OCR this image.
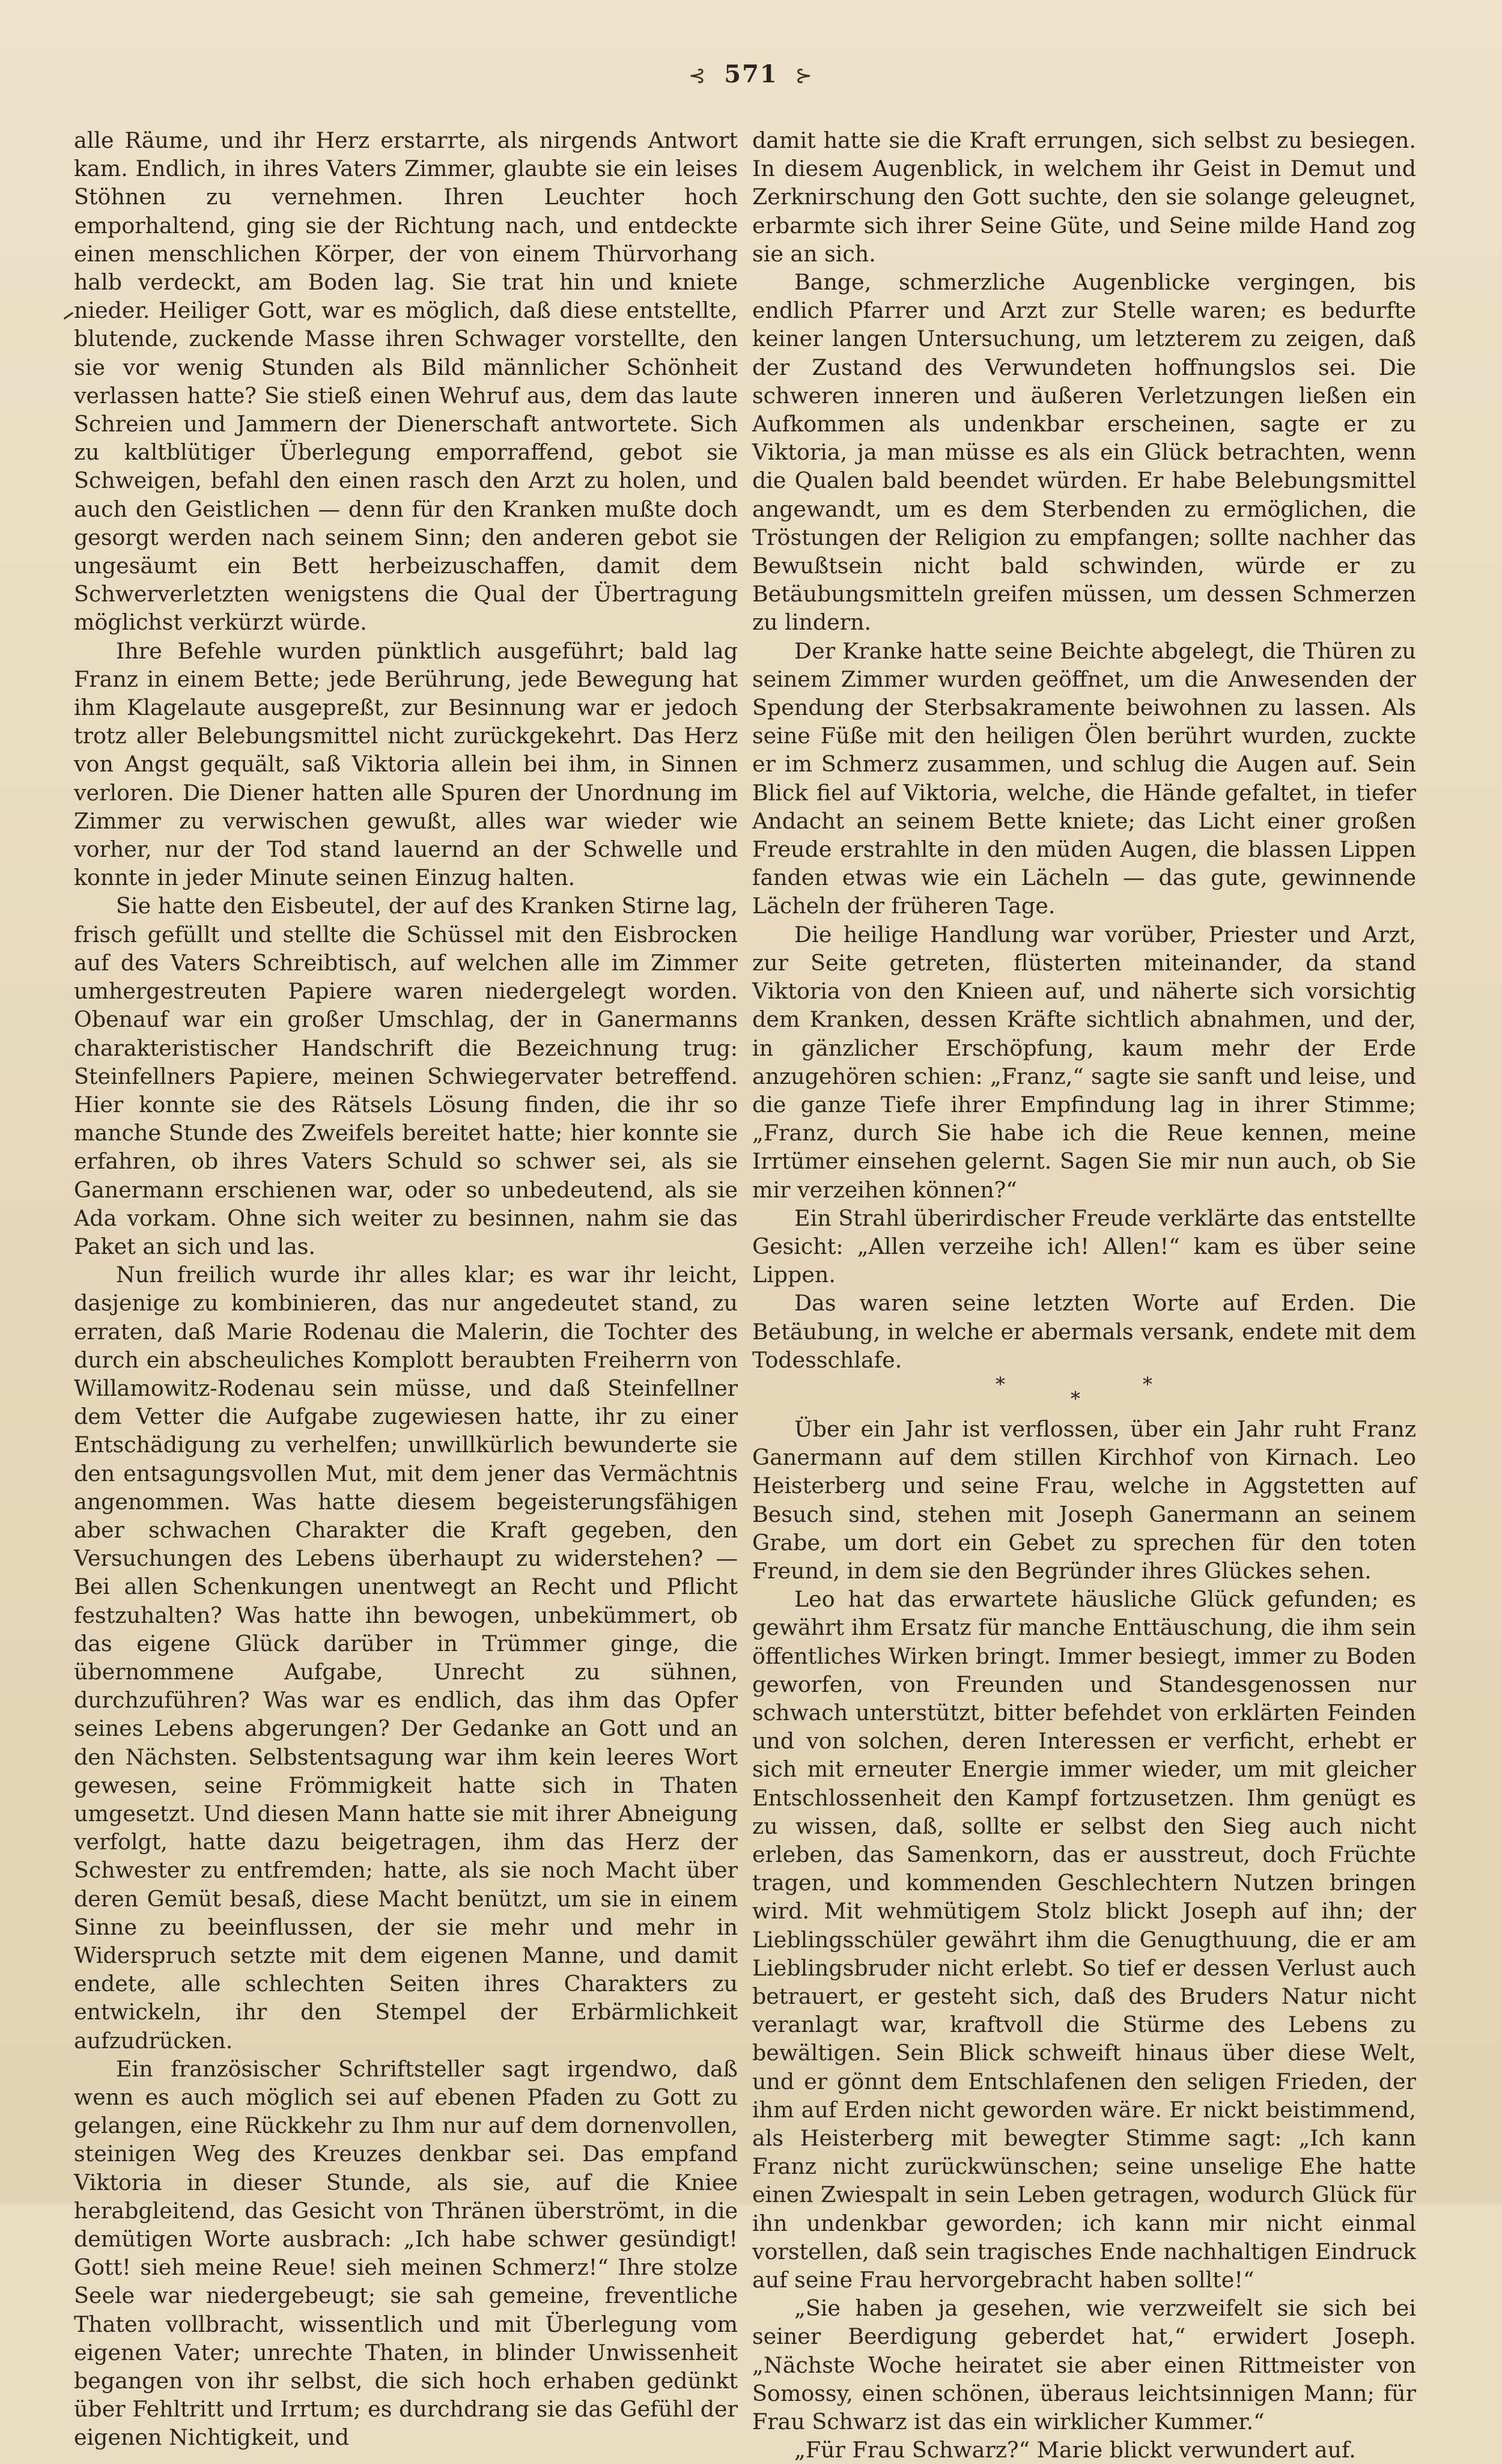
⊰ 571 ⊱

alle Räume, und ihr Herz erstarrte, als nirgends Antwort kam. Endlich, in ihres Vaters Zimmer, glaubte sie ein leises Stöhnen zu vernehmen. Ihren Leuchter hoch emporhaltend, ging sie der Richtung nach, und entdeckte einen menschlichen Körper, der von einem Thürvorhang halb verdeckt, am Boden lag. Sie trat hin und kniete nieder. Heiliger Gott, war es möglich, daß diese entstellte, blutende, zuckende Masse ihren Schwager vorstellte, den sie vor wenig Stunden als Bild männlicher Schönheit verlassen hatte? Sie stieß einen Wehruf aus, dem das laute Schreien und Jammern der Dienerschaft antwortete. Sich zu kaltblütiger Überlegung emporraffend, gebot sie Schweigen, befahl den einen rasch den Arzt zu holen, und auch den Geistlichen — denn für den Kranken mußte doch gesorgt werden nach seinem Sinn; den anderen gebot sie ungesäumt ein Bett herbeizuschaffen, damit dem Schwerverletzten wenigstens die Qual der Übertragung möglichst verkürzt würde.

Ihre Befehle wurden pünktlich ausgeführt; bald lag Franz in einem Bette; jede Berührung, jede Bewegung hat ihm Klagelaute ausgepreßt, zur Besinnung war er jedoch trotz aller Belebungsmittel nicht zurückgekehrt. Das Herz von Angst gequält, saß Viktoria allein bei ihm, in Sinnen verloren. Die Diener hatten alle Spuren der Unordnung im Zimmer zu verwischen gewußt, alles war wieder wie vorher, nur der Tod stand lauernd an der Schwelle und konnte in jeder Minute seinen Einzug halten.

Sie hatte den Eisbeutel, der auf des Kranken Stirne lag, frisch gefüllt und stellte die Schüssel mit den Eisbrocken auf des Vaters Schreibtisch, auf welchen alle im Zimmer umhergestreuten Papiere waren niedergelegt worden. Obenauf war ein großer Umschlag, der in Ganermanns charakteristischer Handschrift die Bezeichnung trug: Steinfellners Papiere, meinen Schwiegervater betreffend. Hier konnte sie des Rätsels Lösung finden, die ihr so manche Stunde des Zweifels bereitet hatte; hier konnte sie erfahren, ob ihres Vaters Schuld so schwer sei, als sie Ganermann erschienen war, oder so unbedeutend, als sie Ada vorkam. Ohne sich weiter zu besinnen, nahm sie das Paket an sich und las.

Nun freilich wurde ihr alles klar; es war ihr leicht, dasjenige zu kombinieren, das nur angedeutet stand, zu erraten, daß Marie Rodenau die Malerin, die Tochter des durch ein abscheuliches Komplott beraubten Freiherrn von Willamowitz-Rodenau sein müsse, und daß Steinfellner dem Vetter die Aufgabe zugewiesen hatte, ihr zu einer Entschädigung zu verhelfen; unwillkürlich bewunderte sie den entsagungsvollen Mut, mit dem jener das Vermächtnis angenommen. Was hatte diesem begeisterungsfähigen aber schwachen Charakter die Kraft gegeben, den Versuchungen des Lebens überhaupt zu widerstehen? — Bei allen Schenkungen unentwegt an Recht und Pflicht festzuhalten? Was hatte ihn bewogen, unbekümmert, ob das eigene Glück darüber in Trümmer ginge, die übernommene Aufgabe, Unrecht zu sühnen, durchzuführen? Was war es endlich, das ihm das Opfer seines Lebens abgerungen? Der Gedanke an Gott und an den Nächsten. Selbstentsagung war ihm kein leeres Wort gewesen, seine Frömmigkeit hatte sich in Thaten umgesetzt. Und diesen Mann hatte sie mit ihrer Abneigung verfolgt, hatte dazu beigetragen, ihm das Herz der Schwester zu entfremden; hatte, als sie noch Macht über deren Gemüt besaß, diese Macht benützt, um sie in einem Sinne zu beeinflussen, der sie mehr und mehr in Widerspruch setzte mit dem eigenen Manne, und damit endete, alle schlechten Seiten ihres Charakters zu entwickeln, ihr den Stempel der Erbärmlichkeit aufzudrücken.

Ein französischer Schriftsteller sagt irgendwo, daß wenn es auch möglich sei auf ebenen Pfaden zu Gott zu gelangen, eine Rückkehr zu Ihm nur auf dem dornenvollen, steinigen Weg des Kreuzes denkbar sei. Das empfand Viktoria in dieser Stunde, als sie, auf die Kniee herabgleitend, das Gesicht von Thränen überströmt, in die demütigen Worte ausbrach: „Ich habe schwer gesündigt! Gott! sieh meine Reue! sieh meinen Schmerz!“ Ihre stolze Seele war niedergebeugt; sie sah gemeine, freventliche Thaten vollbracht, wissentlich und mit Überlegung vom eigenen Vater; unrechte Thaten, in blinder Unwissenheit begangen von ihr selbst, die sich hoch erhaben gedünkt über Fehltritt und Irrtum; es durchdrang sie das Gefühl der eigenen Nichtigkeit, und

damit hatte sie die Kraft errungen, sich selbst zu besiegen. In diesem Augenblick, in welchem ihr Geist in Demut und Zerknirschung den Gott suchte, den sie solange geleugnet, erbarmte sich ihrer Seine Güte, und Seine milde Hand zog sie an sich.

Bange, schmerzliche Augenblicke vergingen, bis endlich Pfarrer und Arzt zur Stelle waren; es bedurfte keiner langen Untersuchung, um letzterem zu zeigen, daß der Zustand des Verwundeten hoffnungslos sei. Die schweren inneren und äußeren Verletzungen ließen ein Aufkommen als undenkbar erscheinen, sagte er zu Viktoria, ja man müsse es als ein Glück betrachten, wenn die Qualen bald beendet würden. Er habe Belebungsmittel angewandt, um es dem Sterbenden zu ermöglichen, die Tröstungen der Religion zu empfangen; sollte nachher das Bewußtsein nicht bald schwinden, würde er zu Betäubungsmitteln greifen müssen, um dessen Schmerzen zu lindern.

Der Kranke hatte seine Beichte abgelegt, die Thüren zu seinem Zimmer wurden geöffnet, um die Anwesenden der Spendung der Sterbsakramente beiwohnen zu lassen. Als seine Füße mit den heiligen Ölen berührt wurden, zuckte er im Schmerz zusammen, und schlug die Augen auf. Sein Blick fiel auf Viktoria, welche, die Hände gefaltet, in tiefer Andacht an seinem Bette kniete; das Licht einer großen Freude erstrahlte in den müden Augen, die blassen Lippen fanden etwas wie ein Lächeln — das gute, gewinnende Lächeln der früheren Tage.

Die heilige Handlung war vorüber, Priester und Arzt, zur Seite getreten, flüsterten miteinander, da stand Viktoria von den Knieen auf, und näherte sich vorsichtig dem Kranken, dessen Kräfte sichtlich abnahmen, und der, in gänzlicher Erschöpfung, kaum mehr der Erde anzugehören schien: „Franz,“ sagte sie sanft und leise, und die ganze Tiefe ihrer Empfindung lag in ihrer Stimme; „Franz, durch Sie habe ich die Reue kennen, meine Irrtümer einsehen gelernt. Sagen Sie mir nun auch, ob Sie mir verzeihen können?“

Ein Strahl überirdischer Freude verklärte das entstellte Gesicht: „Allen verzeihe ich! Allen!“ kam es über seine Lippen.

Das waren seine letzten Worte auf Erden. Die Betäubung, in welche er abermals versank, endete mit dem Todesschlafe.

*
*
*

Über ein Jahr ist verflossen, über ein Jahr ruht Franz Ganermann auf dem stillen Kirchhof von Kirnach. Leo Heisterberg und seine Frau, welche in Aggstetten auf Besuch sind, stehen mit Joseph Ganermann an seinem Grabe, um dort ein Gebet zu sprechen für den toten Freund, in dem sie den Begründer ihres Glückes sehen.

Leo hat das erwartete häusliche Glück gefunden; es gewährt ihm Ersatz für manche Enttäuschung, die ihm sein öffentliches Wirken bringt. Immer besiegt, immer zu Boden geworfen, von Freunden und Standesgenossen nur schwach unterstützt, bitter befehdet von erklärten Feinden und von solchen, deren Interessen er verficht, erhebt er sich mit erneuter Energie immer wieder, um mit gleicher Entschlossenheit den Kampf fortzusetzen. Ihm genügt es zu wissen, daß, sollte er selbst den Sieg auch nicht erleben, das Samenkorn, das er ausstreut, doch Früchte tragen, und kommenden Geschlechtern Nutzen bringen wird. Mit wehmütigem Stolz blickt Joseph auf ihn; der Lieblingsschüler gewährt ihm die Genugthuung, die er am Lieblingsbruder nicht erlebt. So tief er dessen Verlust auch betrauert, er gesteht sich, daß des Bruders Natur nicht veranlagt war, kraftvoll die Stürme des Lebens zu bewältigen. Sein Blick schweift hinaus über diese Welt, und er gönnt dem Entschlafenen den seligen Frieden, der ihm auf Erden nicht geworden wäre. Er nickt beistimmend, als Heisterberg mit bewegter Stimme sagt: „Ich kann Franz nicht zurückwünschen; seine unselige Ehe hatte einen Zwiespalt in sein Leben getragen, wodurch Glück für ihn undenkbar geworden; ich kann mir nicht einmal vorstellen, daß sein tragisches Ende nachhaltigen Eindruck auf seine Frau hervorgebracht haben sollte!“

„Sie haben ja gesehen, wie verzweifelt sie sich bei seiner Beerdigung geberdet hat,“ erwidert Joseph. „Nächste Woche heiratet sie aber einen Rittmeister von Somossy, einen schönen, überaus leichtsinnigen Mann; für Frau Schwarz ist das ein wirklicher Kummer.“

„Für Frau Schwarz?“ Marie blickt verwundert auf.
